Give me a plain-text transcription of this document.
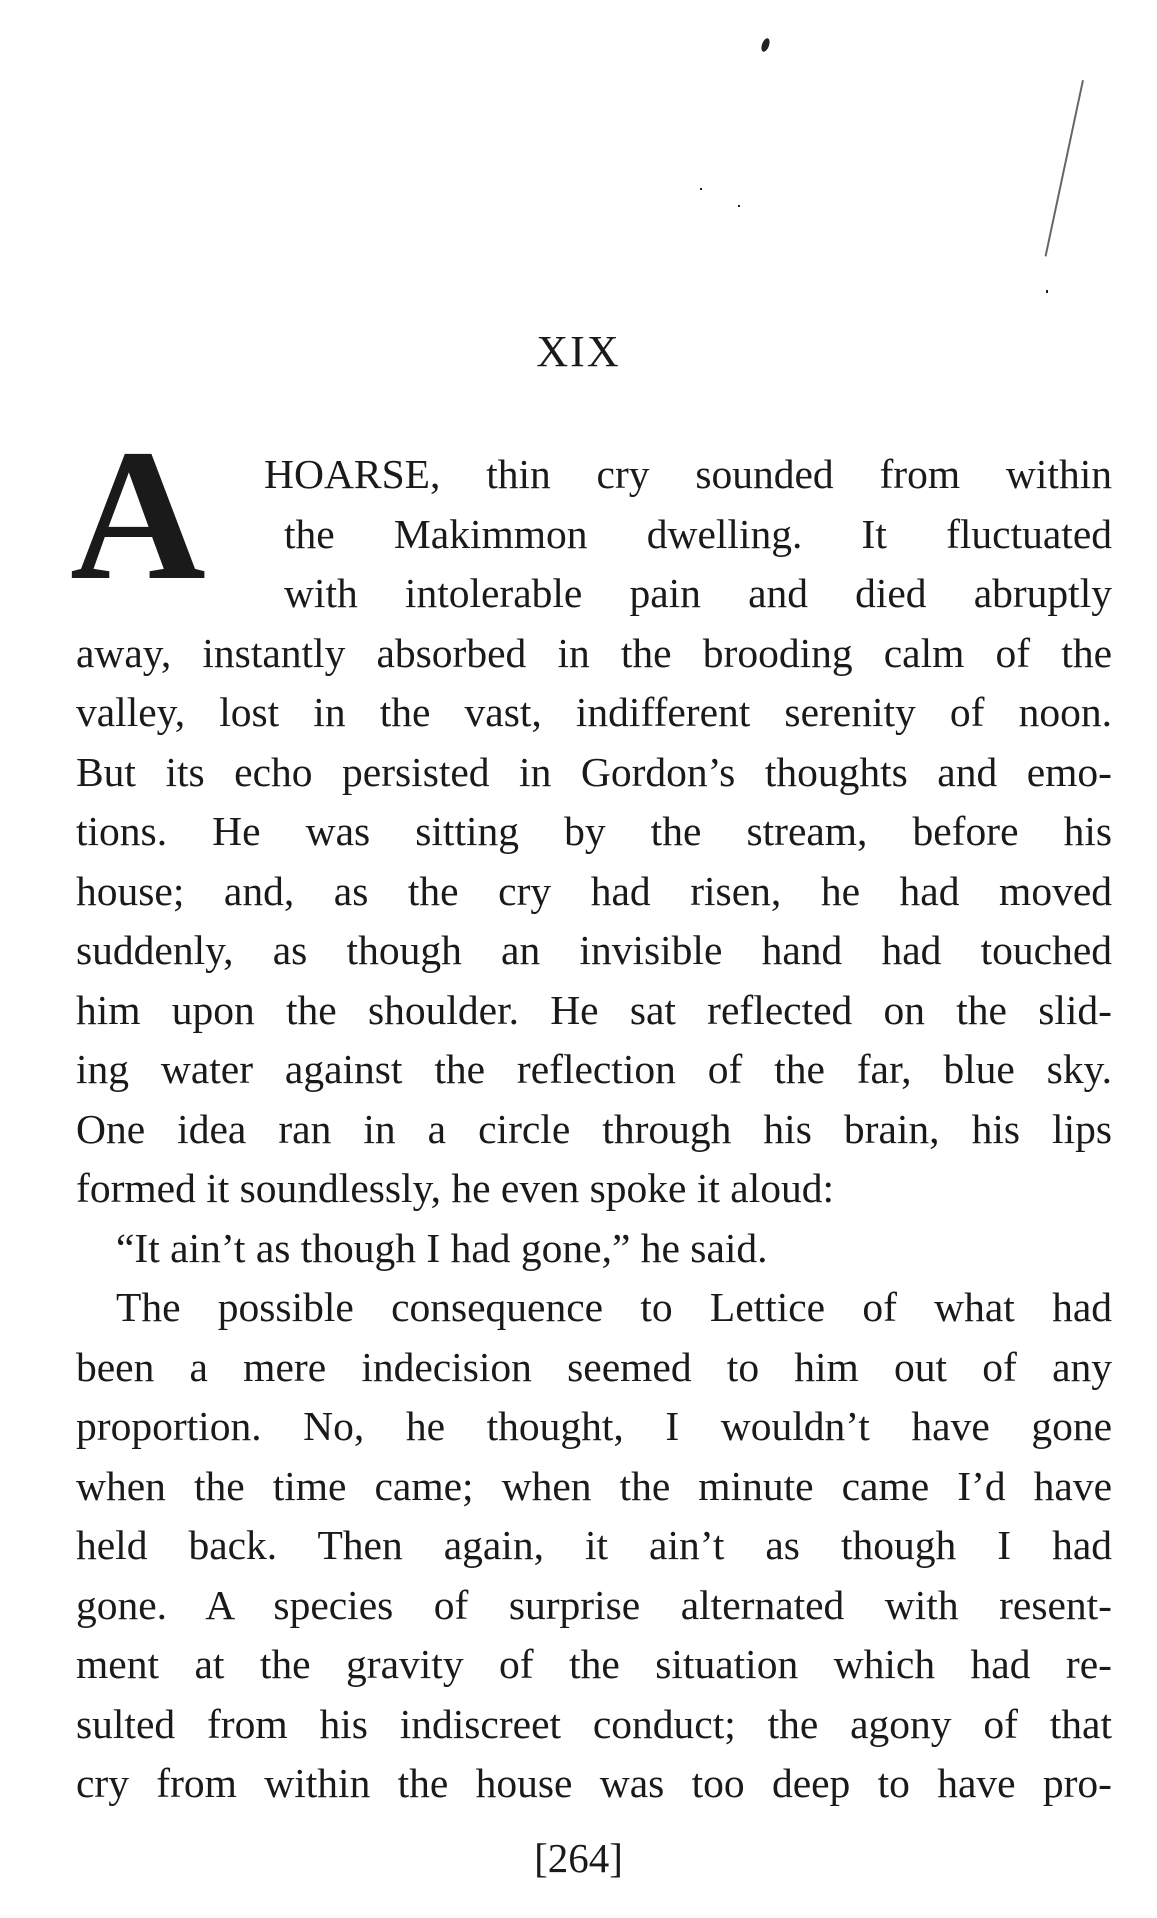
XIX
A HOARSE, thin cry sounded from within
the Makimmon dwelling. It fluctuated
with intolerable pain and died abruptly
away, instantly absorbed in the brooding calm of the
valley, lost in the vast, indifferent serenity of noon.
But its echo persisted in Gordon’s thoughts and emo-
tions. He was sitting by the stream, before his
house; and, as the cry had risen, he had moved
suddenly, as though an invisible hand had touched
him upon the shoulder. He sat reflected on the slid-
ing water against the reflection of the far, blue sky.
One idea ran in a circle through his brain, his lips
formed it soundlessly, he even spoke it aloud:
“It ain’t as though I had gone,” he said.
The possible consequence to Lettice of what had
been a mere indecision seemed to him out of any
proportion. No, he thought, I wouldn’t have gone
when the time came; when the minute came I’d have
held back. Then again, it ain’t as though I had
gone. A species of surprise alternated with resent-
ment at the gravity of the situation which had re-
sulted from his indiscreet conduct; the agony of that
cry from within the house was too deep to have pro-
[264]
